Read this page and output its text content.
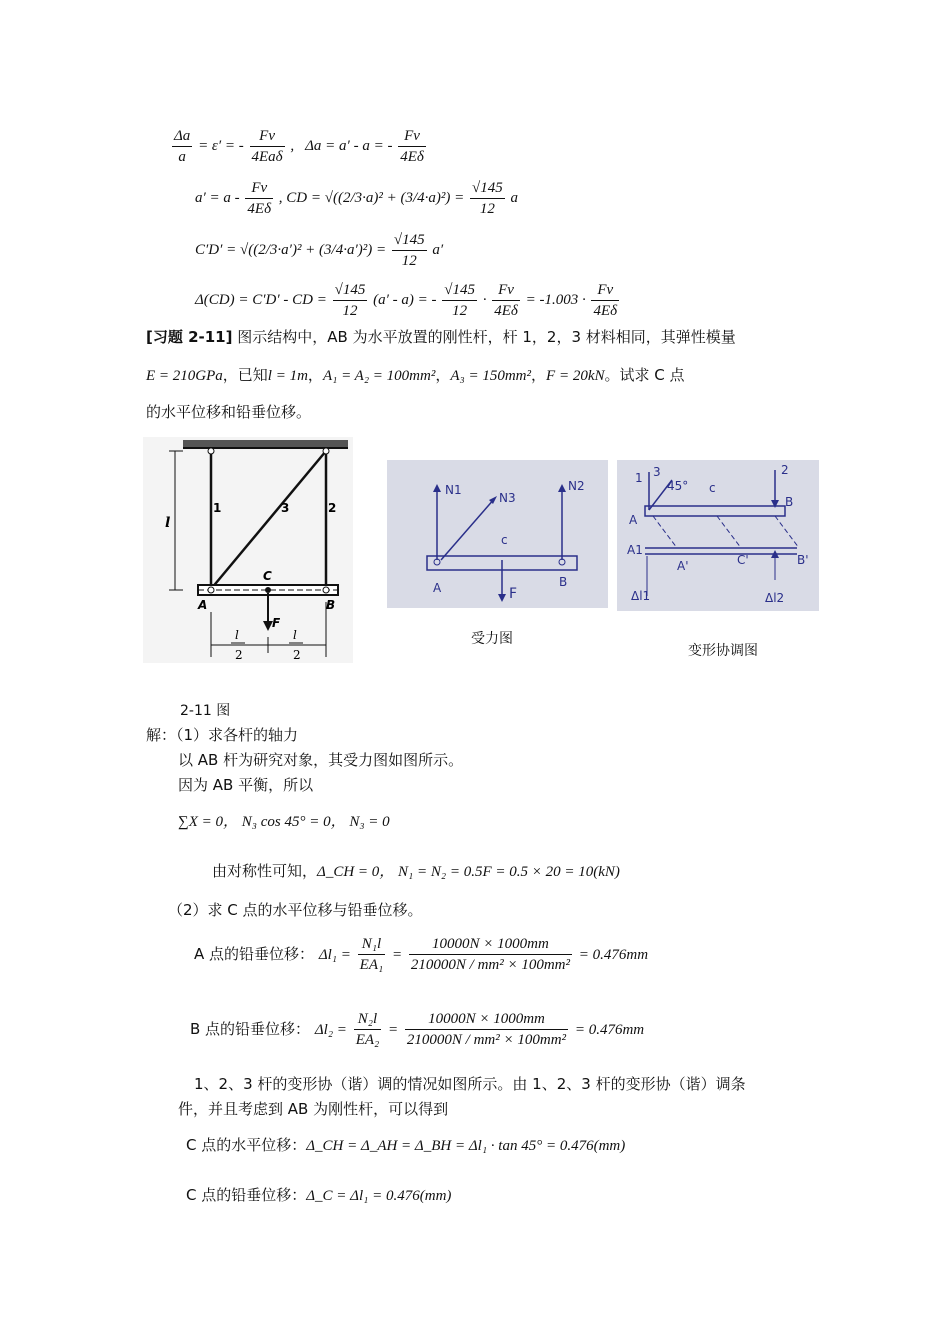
$\frac{\Delta a}{a} = \varepsilon'$ = - $\frac{F\nu}{\text{4Eaδ}}$ , Δa = a′ - a = - $\frac{F\nu}{4E\delta}$
$a' = a - \frac{F\nu}{4E\delta}$ , CD = $√((2/3\cdot a)^2 + (3/4\cdot a)^2) = \frac{√145}{12}$ a
$C'D' = √((2/3\cdot a')^2 + (3/4\cdot a')^2) = \frac{√145}{12} a'$
Δ(CD) = C′D′ - CD = $\frac{√145}{12} (a' - a)$ = - $\frac{√145}{12} \cdot \frac{F\nu}{4E\delta} = -1.003 \cdot \frac{F\nu}{4E\delta}$
[习题 2-11] 图示结构中，AB 为水平放置的刚性杆，杆 1，2，3 材料相同，其弹性模量
E = 210GPa，已知l = 1m，A₁ = A₂ = 100mm²，A₃ = 150mm²，F = 20kN。试求 C 点
的水平位移和铅垂位移。
1	3	2
A
C
B
F
l
l
2
l
2
N1
N3
N2
c
A	F
B
1 3
45° c
2
B
A
A1
A'	C'	B'
Δl1	Δl2
受力图
变形协调图
2-11 图
解：（1）求各杆的轴力
以 AB 杆为研究对象，其受力图如图所示。
因为 AB 平衡，所以
∑X = 0， N₃ cos 45° = 0， N₃ = 0
由对称性可知，Δ_CH = 0， N₁ = N₂ = 0.5F = 0.5 × 20 = 10(kN)
（2）求 C 点的水平位移与铅垂位移。
A 点的铅垂位移： $\Delta l_1 = \frac{\text{N₁l}}{\text{EA₁}} = \frac{10000N \times 1000mm}{\text{210000N / mm² × 100mm²}} = 0.476mm$
B 点的铅垂位移： $\Delta l_2 = \frac{\text{N₂l}}{\text{EA₂}} = \frac{10000N \times 1000mm}{\text{210000N / mm² × 100mm²}} = 0.476mm$
1、2、3 杆的变形协（谐）调的情况如图所示。由 1、2、3 杆的变形协（谐）调条
件，并且考虑到 AB 为刚性杆，可以得到
C 点的水平位移：Δ_CH = Δ_AH = Δ_BH = Δl₁ · tan 45° = 0.476(mm)
C 点的铅垂位移：Δ_C = Δl₁ = 0.476(mm)
